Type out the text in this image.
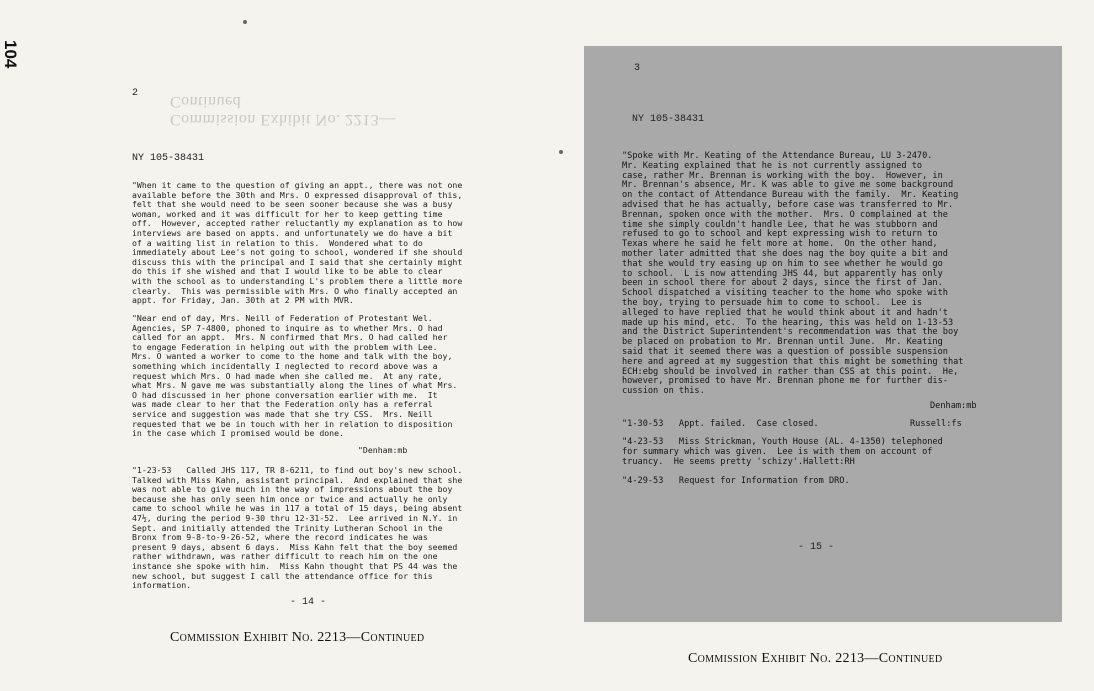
104
Commission Exhibit No. 2213—Continued
2
NY 105-38431
"When it came to the question of giving an appt., there was not one
available before the 30th and Mrs. O expressed disapproval of this,
felt that she would need to be seen sooner because she was a busy
woman, worked and it was difficult for her to keep getting time
off.  However, accepted rather reluctantly my explanation as to how
interviews are based on appts. and unfortunately we do have a bit
of a waiting list in relation to this.  Wondered what to do
immediately about Lee's not going to school, wondered if she should
discuss this with the principal and I said that she certainly might
do this if she wished and that I would like to be able to clear
with the school as to understanding L's problem there a little more
clearly.  This was permissible with Mrs. O who finally accepted an
appt. for Friday, Jan. 30th at 2 PM with MVR.
"Near end of day, Mrs. Neill of Federation of Protestant Wel.
Agencies, SP 7-4800, phoned to inquire as to whether Mrs. O had
called for an appt.  Mrs. N confirmed that Mrs. O had called her
to engage Federation in helping out with the problem with Lee.
Mrs. O wanted a worker to come to the home and talk with the boy,
something which incidentally I neglected to record above was a
request which Mrs. O had made when she called me.  At any rate,
what Mrs. N gave me was substantially along the lines of what Mrs.
O had discussed in her phone conversation earlier with me.  It
was made clear to her that the Federation only has a referral
service and suggestion was made that she try CSS.  Mrs. Neill
requested that we be in touch with her in relation to disposition
in the case which I promised would be done.
"Denham:mb
"1-23-53   Called JHS 117, TR 8-6211, to find out boy's new school.
Talked with Miss Kahn, assistant principal.  And explained that she
was not able to give much in the way of impressions about the boy
because she has only seen him once or twice and actually he only
came to school while he was in 117 a total of 15 days, being absent
47½, during the period 9-30 thru 12-31-52.  Lee arrived in N.Y. in
Sept. and initially attended the Trinity Lutheran School in the
Bronx from 9-8-to-9-26-52, where the record indicates he was
present 9 days, absent 6 days.  Miss Kahn felt that the boy seemed
rather withdrawn, was rather difficult to reach him on the one
instance she spoke with him.  Miss Kahn thought that PS 44 was the
new school, but suggest I call the attendance office for this
information.
- 14 -
Commission Exhibit No. 2213—Continued
3
NY 105-38431
"Spoke with Mr. Keating of the Attendance Bureau, LU 3-2470.
Mr. Keating explained that he is not currently assigned to
case, rather Mr. Brennan is working with the boy.  However, in
Mr. Brennan's absence, Mr. K was able to give me some background
on the contact of Attendance Bureau with the family.  Mr. Keating
advised that he has actually, before case was transferred to Mr.
Brennan, spoken once with the mother.  Mrs. O complained at the
time she simply couldn't handle Lee, that he was stubborn and
refused to go to school and kept expressing wish to return to
Texas where he said he felt more at home.  On the other hand,
mother later admitted that she does nag the boy quite a bit and
that she would try easing up on him to see whether he would go
to school.  L is now attending JHS 44, but apparently has only
been in school there for about 2 days, since the first of Jan.
School dispatched a visiting teacher to the home who spoke with
the boy, trying to persuade him to come to school.  Lee is
alleged to have replied that he would think about it and hadn't
made up his mind, etc.  To the hearing, this was held on 1-13-53
and the District Superintendent's recommendation was that the boy
be placed on probation to Mr. Brennan until June.  Mr. Keating
said that it seemed there was a question of possible suspension
here and agreed at my suggestion that this might be something that
ECH:ebg should be involved in rather than CSS at this point.  He,
however, promised to have Mr. Brennan phone me for further dis-
cussion on this.
Denham:mb
"1-30-53   Appt. failed.  Case closed.	Russell:fs
"4-23-53   Miss Strickman, Youth House (AL. 4-1350) telephoned
for summary which was given.  Lee is with them on account of
truancy.  He seems pretty 'schizy'.Hallett:RH
"4-29-53   Request for Information from DRO.
- 15 -
Commission Exhibit No. 2213—Continued
